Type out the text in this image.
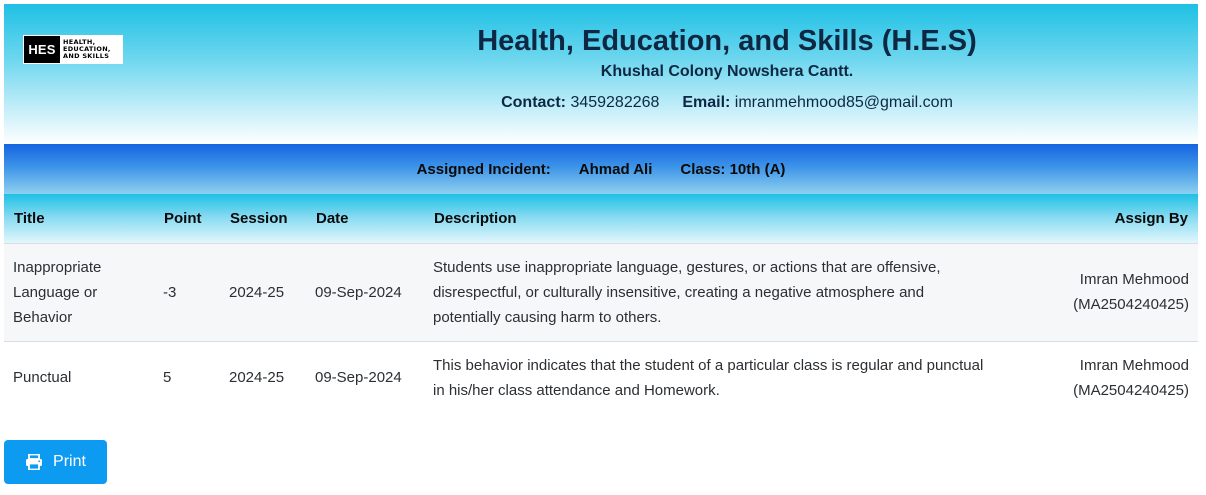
HES	HEALTH,
EDUCATION,
AND SKILLS	Health, Education, and Skills (H.E.S)
Khushal Colony Nowshera Cantt.
Contact: 3459282268 Email: imranmehmood85@gmail.com
Assigned Incident: Ahmad Ali Class: 10th (A)
Title	Point	Session	Date	Description	Assign By
Inappropriate Language or Behavior	-3	2024-25	09-Sep-2024	Students use inappropriate language, gestures, or actions that are offensive, disrespectful, or culturally insensitive, creating a negative atmosphere and potentially causing harm to others.	Imran Mehmood
(MA2504240425)

Punctual	5	2024-25	09-Sep-2024	This behavior indicates that the student of a particular class is regular and punctual in his/her class attendance and Homework.	Imran Mehmood
(MA2504240425)
Print
